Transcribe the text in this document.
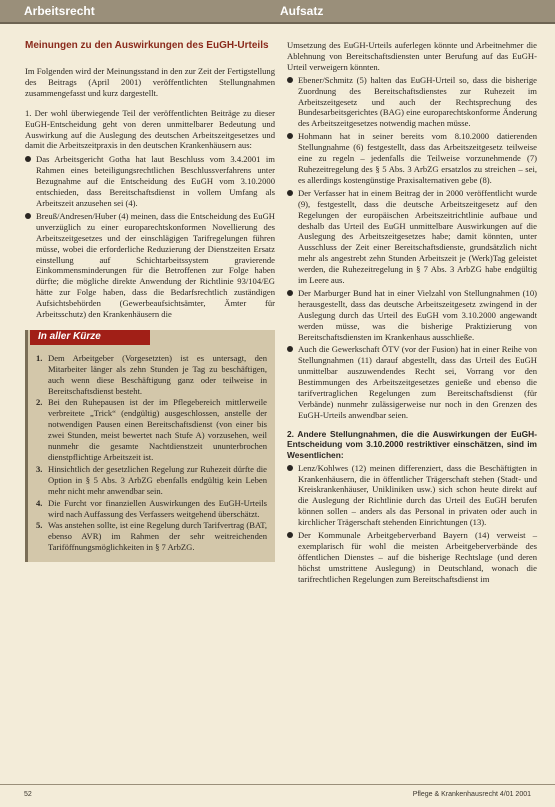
Arbeitsrecht	Aufsatz
Meinungen zu den Auswirkungen des EuGH-Urteils

Im Folgenden wird der Meinungsstand in den zur Zeit der Fertigstellung des Beitrags (April 2001) veröffentlichten Stellungnahmen zusammengefasst und kurz dargestellt.

1. Der wohl überwiegende Teil der veröffentlichten Beiträge zu dieser EuGH-Entscheidung geht von deren unmittelbarer Bedeutung und Auswirkung auf die Auslegung des deutschen Arbeitszeitgesetzes und damit die Arbeitszeitpraxis in den deutschen Krankenhäusern aus:

Das Arbeitsgericht Gotha hat laut Beschluss vom 3.4.2001 im Rahmen eines beteiligungsrechtlichen Beschlussverfahrens unter Bezugnahme auf die Entscheidung des EuGH vom 3.10.2000 entschieden, dass Bereitschaftsdienst in vollem Umfang als Arbeitszeit anzusehen sei (4).
Breuß/Andresen/Huber (4) meinen, dass die Entscheidung des EuGH unverzüglich zu einer europarechtskonformen Novellierung des Arbeitszeitgesetzes und der einschlägigen Tarifregelungen führen müsse, wobei die erforderliche Reduzierung der Dienstzeiten Ersatz einstellung auf Schichtarbeitssystem gravierende Einkommensminderungen für die Betroffenen zur Folge haben dürfte; die mögliche direkte Anwendung der Richtlinie 93/104/EG hätte zur Folge haben, dass die Bedarfsrechtlich zuständigen Aufsichtsbehörden (Gewerbeaufsichtsämter, Ämter für Arbeitsschutz) den Krankenhäusern die
In aller Kürze
1. Dem Arbeitgeber (Vorgesetzten) ist es untersagt, den Mitarbeiter länger als zehn Stunden je Tag zu beschäftigen, auch wenn diese Beschäftigung ganz oder teilweise in Bereitschaftsdienst besteht.
2. Bei den Ruhepausen ist der im Pflegebereich mittlerweile verbreitete „Trick“ (endgültig) ausgeschlossen, anstelle der notwendigen Pausen einen Bereitschaftsdienst (von einer bis zwei Stunden, meist bewertet nach Stufe A) vorzusehen, weil nunmehr die gesamte Nachtdienstzeit ununterbrochen dienstpflichtige Arbeitszeit ist.
3. Hinsichtlich der gesetzlichen Regelung zur Ruhezeit dürfte die Option in § 5 Abs. 3 ArbZG ebenfalls endgültig kein Leben mehr nicht mehr anwendbar sein.
4. Die Furcht vor finanziellen Auswirkungen des EuGH-Urteils wird nach Auffassung des Verfassers weitgehend überschätzt.
5. Was anstehen sollte, ist eine Regelung durch Tarifvertrag (BAT, ebenso AVR) im Rahmen der sehr weitreichenden Tariföffnungsmöglichkeiten in § 7 ArbZG.

Umsetzung des EuGH-Urteils auferlegen könnte und Arbeitnehmer die Ablehnung von Bereitschaftsdiensten unter Berufung auf das EuGH-Urteil verweigern könnten.

Ebener/Schmitz (5) halten das EuGH-Urteil so, dass die bisherige Zuordnung des Bereitschaftsdienstes zur Ruhezeit im Arbeitszeitgesetz und auch der Rechtsprechung des Bundesarbeitsgerichtes (BAG) eine europarechtskonforme Änderung des Arbeitszeitgesetzes notwendig machen müsse.
Hohmann hat in seiner bereits vom 8.10.2000 datierenden Stellungnahme (6) festgestellt, dass das Arbeitszeitgesetz teilweise eine zu regeln – jedenfalls die Teilweise vorzunehmende (7) Ruhezeitregelung des § 5 Abs. 3 ArbZG ersatzlos zu streichen – sei, es allerdings kostengünstige Praxisalternativen gebe (8).
Der Verfasser hat in einem Beitrag der in 2000 veröffentlicht wurde (9), festgestellt, dass die deutsche Arbeitszeitgesetz auf den Regelungen der europäischen Arbeitszeitrichtlinie aufbaue und deshalb das Urteil des EuGH unmittelbare Auswirkungen auf die Auslegung des Arbeitszeitgesetzes habe; damit könnten, unter Ausschluss der Zeit einer Bereitschaftsdienste, grundsätzlich nicht mehr als angestrebt zehn Stunden Arbeitszeit je (Werk)Tag geleistet werden, die Ruhezeitregelung in § 7 Abs. 3 ArbZG habe endgültig im Leere aus.
Der Marburger Bund hat in einer Vielzahl von Stellungnahmen (10) herausgestellt, dass das deutsche Arbeitszeitgesetz zwingend in der Auslegung durch das Urteil des EuGH vom 3.10.2000 angewandt werden müsse, was die bisherige Praktizierung von Bereitschaftsdiensten im Krankenhaus ausschließe.
Auch die Gewerkschaft ÖTV (vor der Fusion) hat in einer Reihe von Stellungnahmen (11) darauf abgestellt, dass das Urteil des EuGH unmittelbar auszuwendendes Recht sei, Vorrang vor den Bestimmungen des Arbeitszeitgesetzes genieße und ebenso die tarifvertraglichen Regelungen zum Bereitschaftsdienst (für Verbände) nunmehr zulässigerweise nur noch in den Grenzen des EuGH-Urteils anwendbar seien.
2. Andere Stellungnahmen, die die Auswirkungen der EuGH-Entscheidung vom 3.10.2000 restriktiver einschätzen, sind im Wesentlichen:
Lenz/Kohlwes (12) meinen differenziert, dass die Beschäftigten in Krankenhäusern, die in öffentlicher Trägerschaft stehen (Stadt- und Kreiskrankenhäuser, Unikliniken usw.) sich schon heute direkt auf die Auslegung der Richtlinie durch das Urteil des EuGH berufen können sollen – anders als das Personal in privaten oder auch in kirchlicher Trägerschaft stehenden Einrichtungen (13).
Der Kommunale Arbeitgeberverband Bayern (14) verweist – exemplarisch für wohl die meisten Arbeitgeberverbände des öffentlichen Dienstes – auf die bisherige Rechtslage (und deren höchst umstrittene Auslegung) in Deutschland, wonach die tarifrechtlichen Regelungen zum Bereitschaftsdienst im
52	Pflege & Krankenhausrecht 4/01 2001
